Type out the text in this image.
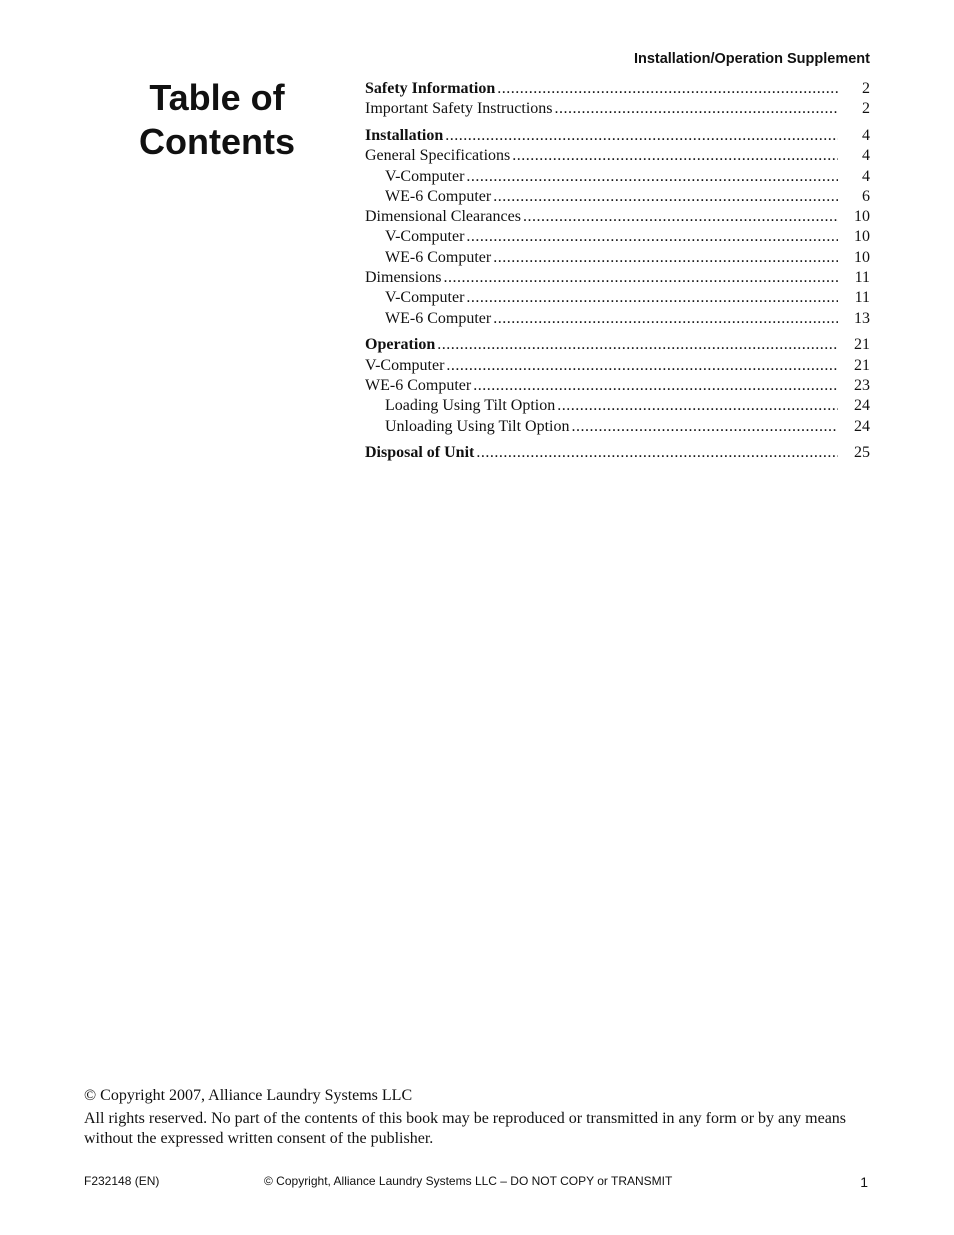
Installation/Operation Supplement
Table of
Contents
Safety Information .....	2
Important Safety Instructions .....	2
Installation .....	4
General Specifications .....	4
V-Computer .....	4
WE-6 Computer .....	6
Dimensional Clearances .....	10
V-Computer .....	10
WE-6 Computer .....	10
Dimensions .....	11
V-Computer .....	11
WE-6 Computer .....	13
Operation .....	21
V-Computer .....	21
WE-6 Computer .....	23
Loading Using Tilt Option .....	24
Unloading Using Tilt Option .....	24
Disposal of Unit .....	25
© Copyright 2007, Alliance Laundry Systems LLC
All rights reserved. No part of the contents of this book may be reproduced or transmitted in any form or by any means without the expressed written consent of the publisher.
F232148 (EN)	© Copyright, Alliance Laundry Systems LLC – DO NOT COPY or TRANSMIT	1
